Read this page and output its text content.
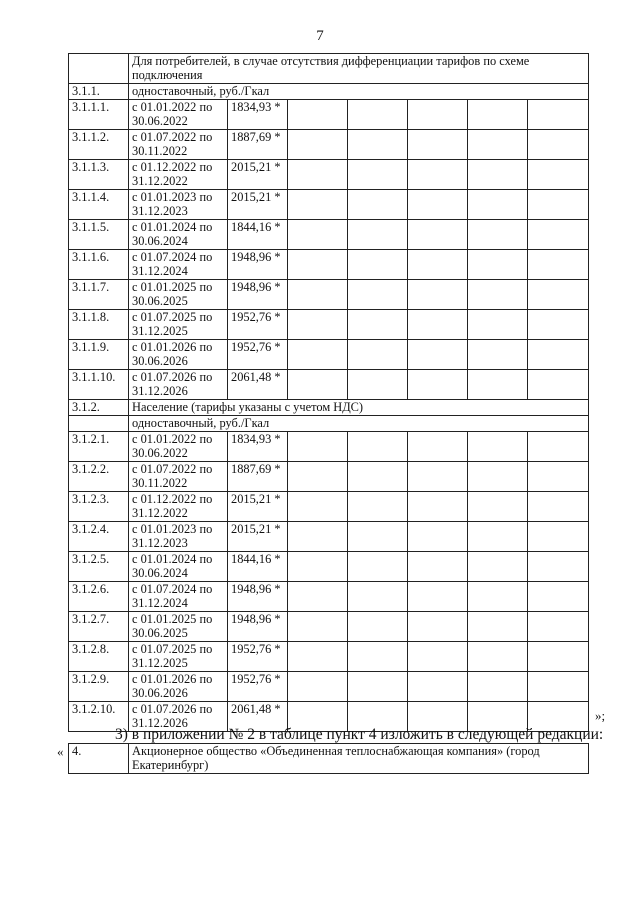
7
	Для потребителей, в случае отсутствия дифференциации тарифов по схеме подключения						
3.1.1.	одноставочный, руб./Гкал						
3.1.1.1.	с 01.01.2022 по 30.06.2022	1834,93 *					
3.1.1.2.	с 01.07.2022 по 30.11.2022	1887,69 *					
3.1.1.3.	с 01.12.2022 по 31.12.2022	2015,21 *					
3.1.1.4.	с 01.01.2023 по 31.12.2023	2015,21 *					
3.1.1.5.	с 01.01.2024 по 30.06.2024	1844,16 *					
3.1.1.6.	с 01.07.2024 по 31.12.2024	1948,96 *					
3.1.1.7.	с 01.01.2025 по 30.06.2025	1948,96 *					
3.1.1.8.	с 01.07.2025 по 31.12.2025	1952,76 *					
3.1.1.9.	с 01.01.2026 по 30.06.2026	1952,76 *					
3.1.1.10.	с 01.07.2026 по 31.12.2026	2061,48 *					
3.1.2.	Население (тарифы указаны с учетом НДС)						
	одноставочный, руб./Гкал						
3.1.2.1.	с 01.01.2022 по 30.06.2022	1834,93 *					
3.1.2.2.	с 01.07.2022 по 30.11.2022	1887,69 *					
3.1.2.3.	с 01.12.2022 по 31.12.2022	2015,21 *					
3.1.2.4.	с 01.01.2023 по 31.12.2023	2015,21 *					
3.1.2.5.	с 01.01.2024 по 30.06.2024	1844,16 *					
3.1.2.6.	с 01.07.2024 по 31.12.2024	1948,96 *					
3.1.2.7.	с 01.01.2025 по 30.06.2025	1948,96 *					
3.1.2.8.	с 01.07.2025 по 31.12.2025	1952,76 *					
3.1.2.9.	с 01.01.2026 по 30.06.2026	1952,76 *					
3.1.2.10.	с 01.07.2026 по 31.12.2026	2061,48 *						»;
3) в приложении № 2 в таблице пункт 4 изложить в следующей редакции:
« 4.	Акционерное общество «Объединенная теплоснабжающая компания» (город Екатеринбург)
